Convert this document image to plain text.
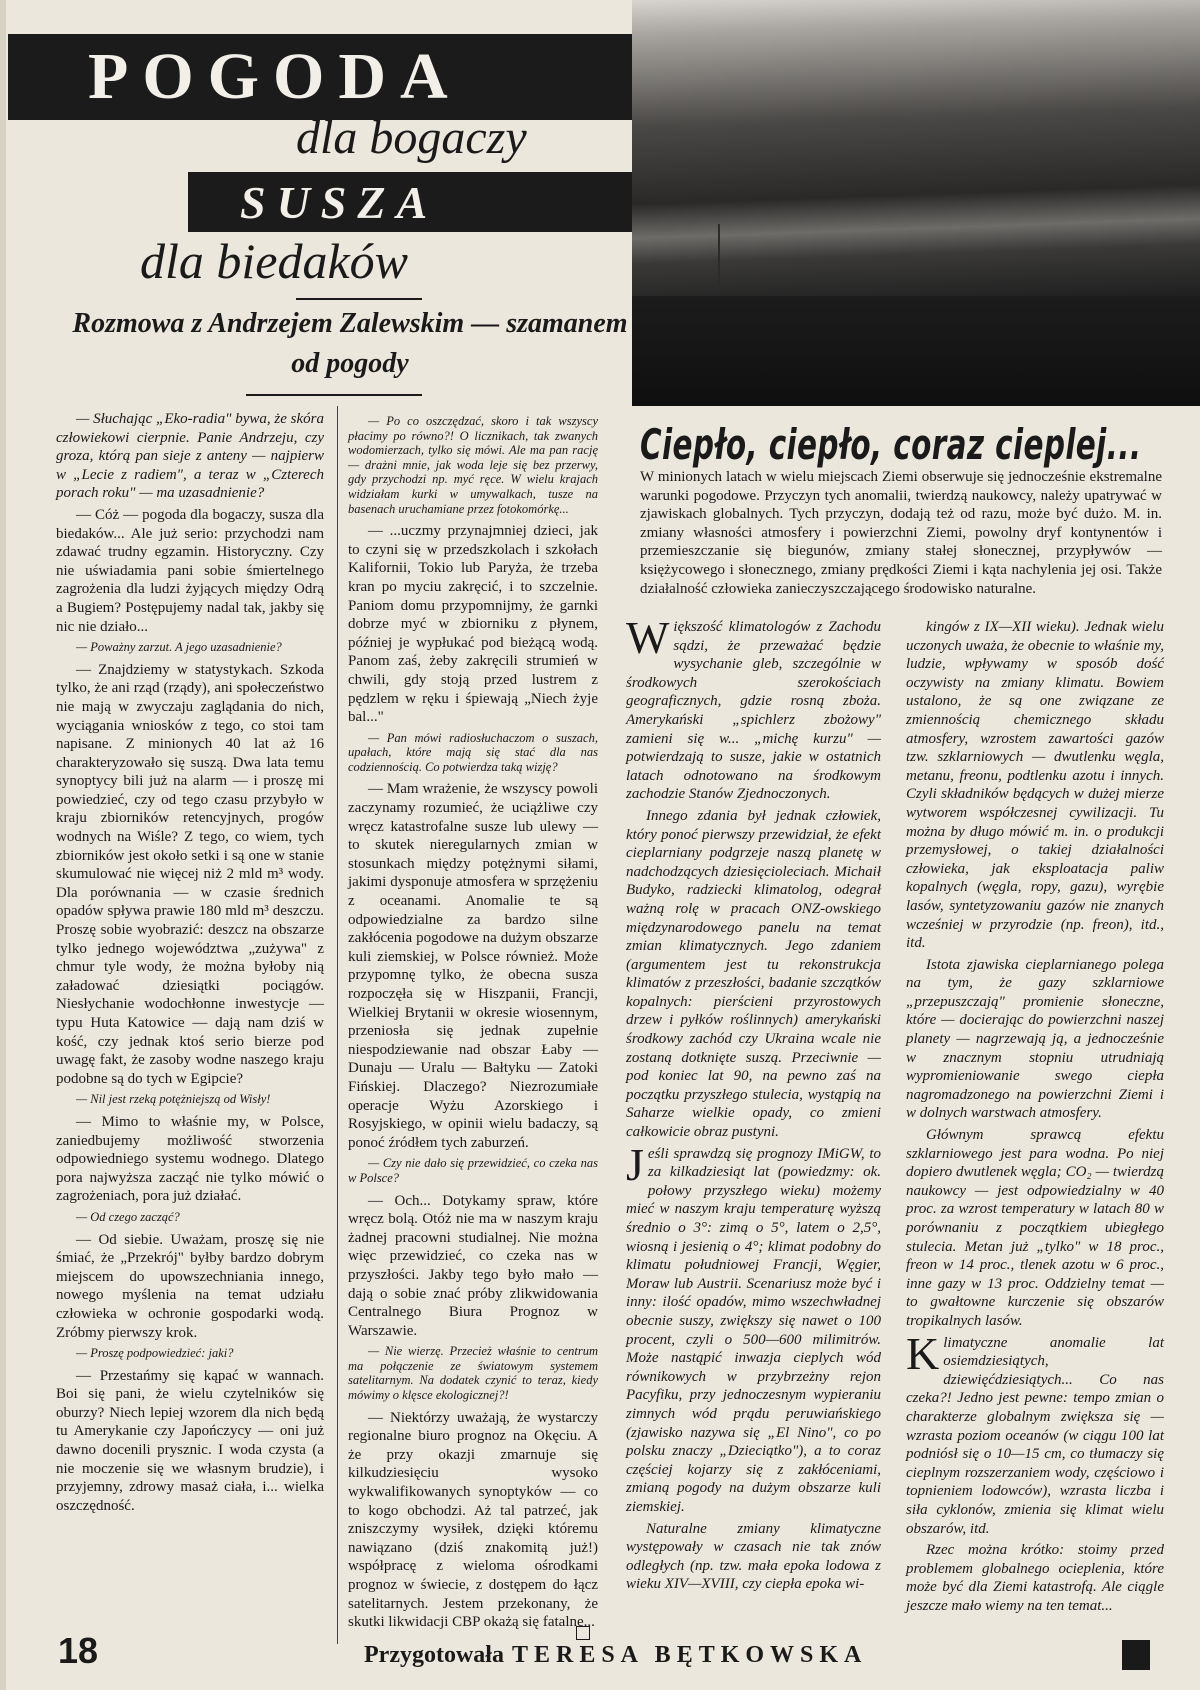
POGODA
dla bogaczy
SUSZA
dla biedaków
Rozmowa z Andrzejem Zalewskim — szamanem od pogody

— Słuchając „Eko-radia" bywa, że skóra człowiekowi cierpnie. Panie Andrzeju, czy groza, którą pan sieje z anteny — najpierw w „Lecie z radiem", a teraz w „Czterech porach roku" — ma uzasadnienie?

— Cóż — pogoda dla bogaczy, susza dla biedaków... Ale już serio: przychodzi nam zdawać trudny egzamin. Historyczny. Czy nie uświadamia pani sobie śmiertelnego zagrożenia dla ludzi żyjących między Odrą a Bugiem? Postępujemy nadal tak, jakby się nic nie działo...

— Poważny zarzut. A jego uzasadnienie?

— Znajdziemy w statystykach. Szkoda tylko, że ani rząd (rządy), ani społeczeństwo nie mają w zwyczaju zaglądania do nich, wyciągania wniosków z tego, co stoi tam napisane. Z minionych 40 lat aż 16 charakteryzowało się suszą. Dwa lata temu synoptycy bili już na alarm — i proszę mi powiedzieć, czy od tego czasu przybyło w kraju zbiorników retencyjnych, progów wodnych na Wiśle? Z tego, co wiem, tych zbiorników jest około setki i są one w stanie skumulować nie więcej niż 2 mld m³ wody. Dla porównania — w czasie średnich opadów spływa prawie 180 mld m³ deszczu. Proszę sobie wyobrazić: deszcz na obszarze tylko jednego województwa „zużywa" z chmur tyle wody, że można byłoby nią załadować dziesiątki pociągów. Niesłychanie wodochłonne inwestycje — typu Huta Katowice — dają nam dziś w kość, czy jednak ktoś serio bierze pod uwagę fakt, że zasoby wodne naszego kraju podobne są do tych w Egipcie?

— Nil jest rzeką potężniejszą od Wisły!

— Mimo to właśnie my, w Polsce, zaniedbujemy możliwość stworzenia odpowiedniego systemu wodnego. Dlatego pora najwyższa zacząć nie tylko mówić o zagrożeniach, pora już działać.

— Od czego zacząć?

— Od siebie. Uważam, proszę się nie śmiać, że „Przekrój" byłby bardzo dobrym miejscem do upowszechniania innego, nowego myślenia na temat udziału człowieka w ochronie gospodarki wodą. Zróbmy pierwszy krok.

— Proszę podpowiedzieć: jaki?

— Przestańmy się kąpać w wannach. Boi się pani, że wielu czytelników się oburzy? Niech lepiej wzorem dla nich będą tu Amerykanie czy Japończycy — oni już dawno docenili prysznic. I woda czysta (a nie moczenie się we własnym brudzie), i przyjemny, zdrowy masaż ciała, i... wielka oszczędność.

— Po co oszczędzać, skoro i tak wszyscy płacimy po równo?! O licznikach, tak zwanych wodomierzach, tylko się mówi. Ale ma pan rację — drażni mnie, jak woda leje się bez przerwy, gdy przychodzi np. myć ręce. W wielu krajach widziałam kurki w umywalkach, tusze na basenach uruchamiane przez fotokomórkę...

— ...uczmy przynajmniej dzieci, jak to czyni się w przedszkolach i szkołach Kalifornii, Tokio lub Paryża, że trzeba kran po myciu zakręcić, i to szczelnie. Paniom domu przypomnijmy, że garnki dobrze myć w zbiorniku z płynem, później je wypłukać pod bieżącą wodą. Panom zaś, żeby zakręcili strumień w chwili, gdy stoją przed lustrem z pędzlem w ręku i śpiewają „Niech żyje bal..."

— Pan mówi radiosłuchaczom o suszach, upałach, które mają się stać dla nas codziennością. Co potwierdza taką wizję?

— Mam wrażenie, że wszyscy powoli zaczynamy rozumieć, że uciążliwe czy wręcz katastrofalne susze lub ulewy — to skutek nieregularnych zmian w stosunkach między potężnymi siłami, jakimi dysponuje atmosfera w sprzężeniu z oceanami. Anomalie te są odpowiedzialne za bardzo silne zakłócenia pogodowe na dużym obszarze kuli ziemskiej, w Polsce również. Może przypomnę tylko, że obecna susza rozpoczęła się w Hiszpanii, Francji, Wielkiej Brytanii w okresie wiosennym, przeniosła się jednak zupełnie niespodziewanie nad obszar Łaby — Dunaju — Uralu — Bałtyku — Zatoki Fińskiej. Dlaczego? Niezrozumiałe operacje Wyżu Azorskiego i Rosyjskiego, w opinii wielu badaczy, są ponoć źródłem tych zaburzeń.

— Czy nie dało się przewidzieć, co czeka nas w Polsce?

— Och... Dotykamy spraw, które wręcz bolą. Otóż nie ma w naszym kraju żadnej pracowni studialnej. Nie można więc przewidzieć, co czeka nas w przyszłości. Jakby tego było mało — dają o sobie znać próby zlikwidowania Centralnego Biura Prognoz w Warszawie.

— Nie wierzę. Przecież właśnie to centrum ma połączenie ze światowym systemem satelitarnym. Na dodatek czynić to teraz, kiedy mówimy o klęsce ekologicznej?!

— Niektórzy uważają, że wystarczy regionalne biuro prognoz na Okęciu. A że przy okazji zmarnuje się kilkudziesięciu wysoko wykwalifikowanych synoptyków — co to kogo obchodzi. Aż tal patrzeć, jak zniszczymy wysiłek, dzięki któremu nawiązano (dziś znakomitą już!) współpracę z wieloma ośrodkami prognoz w świecie, z dostępem do łącz satelitarnych. Jestem przekonany, że skutki likwidacji CBP okażą się fatalne...

Ciepło, ciepło, coraz cieplej...
W minionych latach w wielu miejscach Ziemi obserwuje się jednocześnie ekstremalne warunki pogodowe. Przyczyn tych anomalii, twierdzą naukowcy, należy upatrywać w zjawiskach globalnych. Tych przyczyn, dodają też od razu, może być dużo. M. in. zmiany własności atmosfery i powierzchni Ziemi, powolny dryf kontynentów i przemieszczanie się biegunów, zmiany stałej słonecznej, przypływów — księżycowego i słonecznego, zmiany prędkości Ziemi i kąta nachylenia jej osi. Także działalność człowieka zanieczyszczającego środowisko naturalne.

Większość klimatologów z Zachodu sądzi, że przeważać będzie wysychanie gleb, szczególnie w środkowych szerokościach geograficznych, gdzie rosną zboża. Amerykański „spichlerz zbożowy" zamieni się w... „michę kurzu" — potwierdzają to susze, jakie w ostatnich latach odnotowano na środkowym zachodzie Stanów Zjednoczonych.

Innego zdania był jednak człowiek, który ponoć pierwszy przewidział, że efekt cieplarniany podgrzeje naszą planetę w nadchodzących dziesięcioleciach. Michaił Budyko, radziecki klimatolog, odegrał ważną rolę w pracach ONZ-owskiego międzynarodowego panelu na temat zmian klimatycznych. Jego zdaniem (argumentem jest tu rekonstrukcja klimatów z przeszłości, badanie szczątków kopalnych: pierścieni przyrostowych drzew i pyłków roślinnych) amerykański środkowy zachód czy Ukraina wcale nie zostaną dotknięte suszą. Przeciwnie — pod koniec lat 90, na pewno zaś na początku przyszłego stulecia, wystąpią na Saharze wielkie opady, co zmieni całkowicie obraz pustyni.

Jeśli sprawdzą się prognozy IMiGW, to za kilkadziesiąt lat (powiedzmy: ok. połowy przyszłego wieku) możemy mieć w naszym kraju temperaturę wyższą średnio o 3°: zimą o 5°, latem o 2,5°, wiosną i jesienią o 4°; klimat podobny do klimatu południowej Francji, Węgier, Moraw lub Austrii. Scenariusz może być i inny: ilość opadów, mimo wszechwładnej obecnie suszy, zwiększy się nawet o 100 procent, czyli o 500—600 milimitrów. Może nastąpić inwazja cieplych wód równikowych w przybrzeżny rejon Pacyfiku, przy jednoczesnym wypieraniu zimnych wód prądu peruwiańskiego (zjawisko nazywa się „El Nino", co po polsku znaczy „Dzieciątko"), a to coraz częściej kojarzy się z zakłóceniami, zmianą pogody na dużym obszarze kuli ziemskiej.

Naturalne zmiany klimatyczne występowały w czasach nie tak znów odległych (np. tzw. mała epoka lodowa z wieku XIV—XVIII, czy ciepła epoka wi-

kingów z IX—XII wieku). Jednak wielu uczonych uważa, że obecnie to właśnie my, ludzie, wpływamy w sposób dość oczywisty na zmiany klimatu. Bowiem ustalono, że są one związane ze zmiennością chemicznego składu atmosfery, wzrostem zawartości gazów tzw. szklarniowych — dwutlenku węgla, metanu, freonu, podtlenku azotu i innych. Czyli składników będących w dużej mierze wytworem współczesnej cywilizacji. Tu można by długo mówić m. in. o produkcji przemysłowej, o takiej działalności człowieka, jak eksploatacja paliw kopalnych (węgla, ropy, gazu), wyrębie lasów, syntetyzowaniu gazów nie znanych wcześniej w przyrodzie (np. freon), itd., itd.

Istota zjawiska cieplarnianego polega na tym, że gazy szklarniowe „przepuszczają" promienie słoneczne, które — docierając do powierzchni naszej planety — nagrzewają ją, a jednocześnie w znacznym stopniu utrudniają wypromieniowanie swego ciepła nagromadzonego na powierzchni Ziemi i w dolnych warstwach atmosfery.

Głównym sprawcą efektu szklarniowego jest para wodna. Po niej dopiero dwutlenek węgla; CO₂ — twierdzą naukowcy — jest odpowiedzialny w 40 proc. za wzrost temperatury w latach 80 w porównaniu z początkiem ubiegłego stulecia. Metan już „tylko" w 18 proc., freon w 14 proc., tlenek azotu w 6 proc., inne gazy w 13 proc. Oddzielny temat — to gwałtowne kurczenie się obszarów tropikalnych lasów.

Klimatyczne anomalie lat osiemdziesiątych, dziewięćdziesiątych... Co nas czeka?! Jedno jest pewne: tempo zmian o charakterze globalnym zwiększa się — wzrasta poziom oceanów (w ciągu 100 lat podniósł się o 10—15 cm, co tłumaczy się cieplnym rozszerzaniem wody, częściowo i topnieniem lodowców), wzrasta liczba i siła cyklonów, zmienia się klimat wielu obszarów, itd.

Rzec można krótko: stoimy przed problemem globalnego ocieplenia, które może być dla Ziemi katastrofą. Ale ciągle jeszcze mało wiemy na ten temat...

18	Przygotowała TERESA BĘTKOWSKA
